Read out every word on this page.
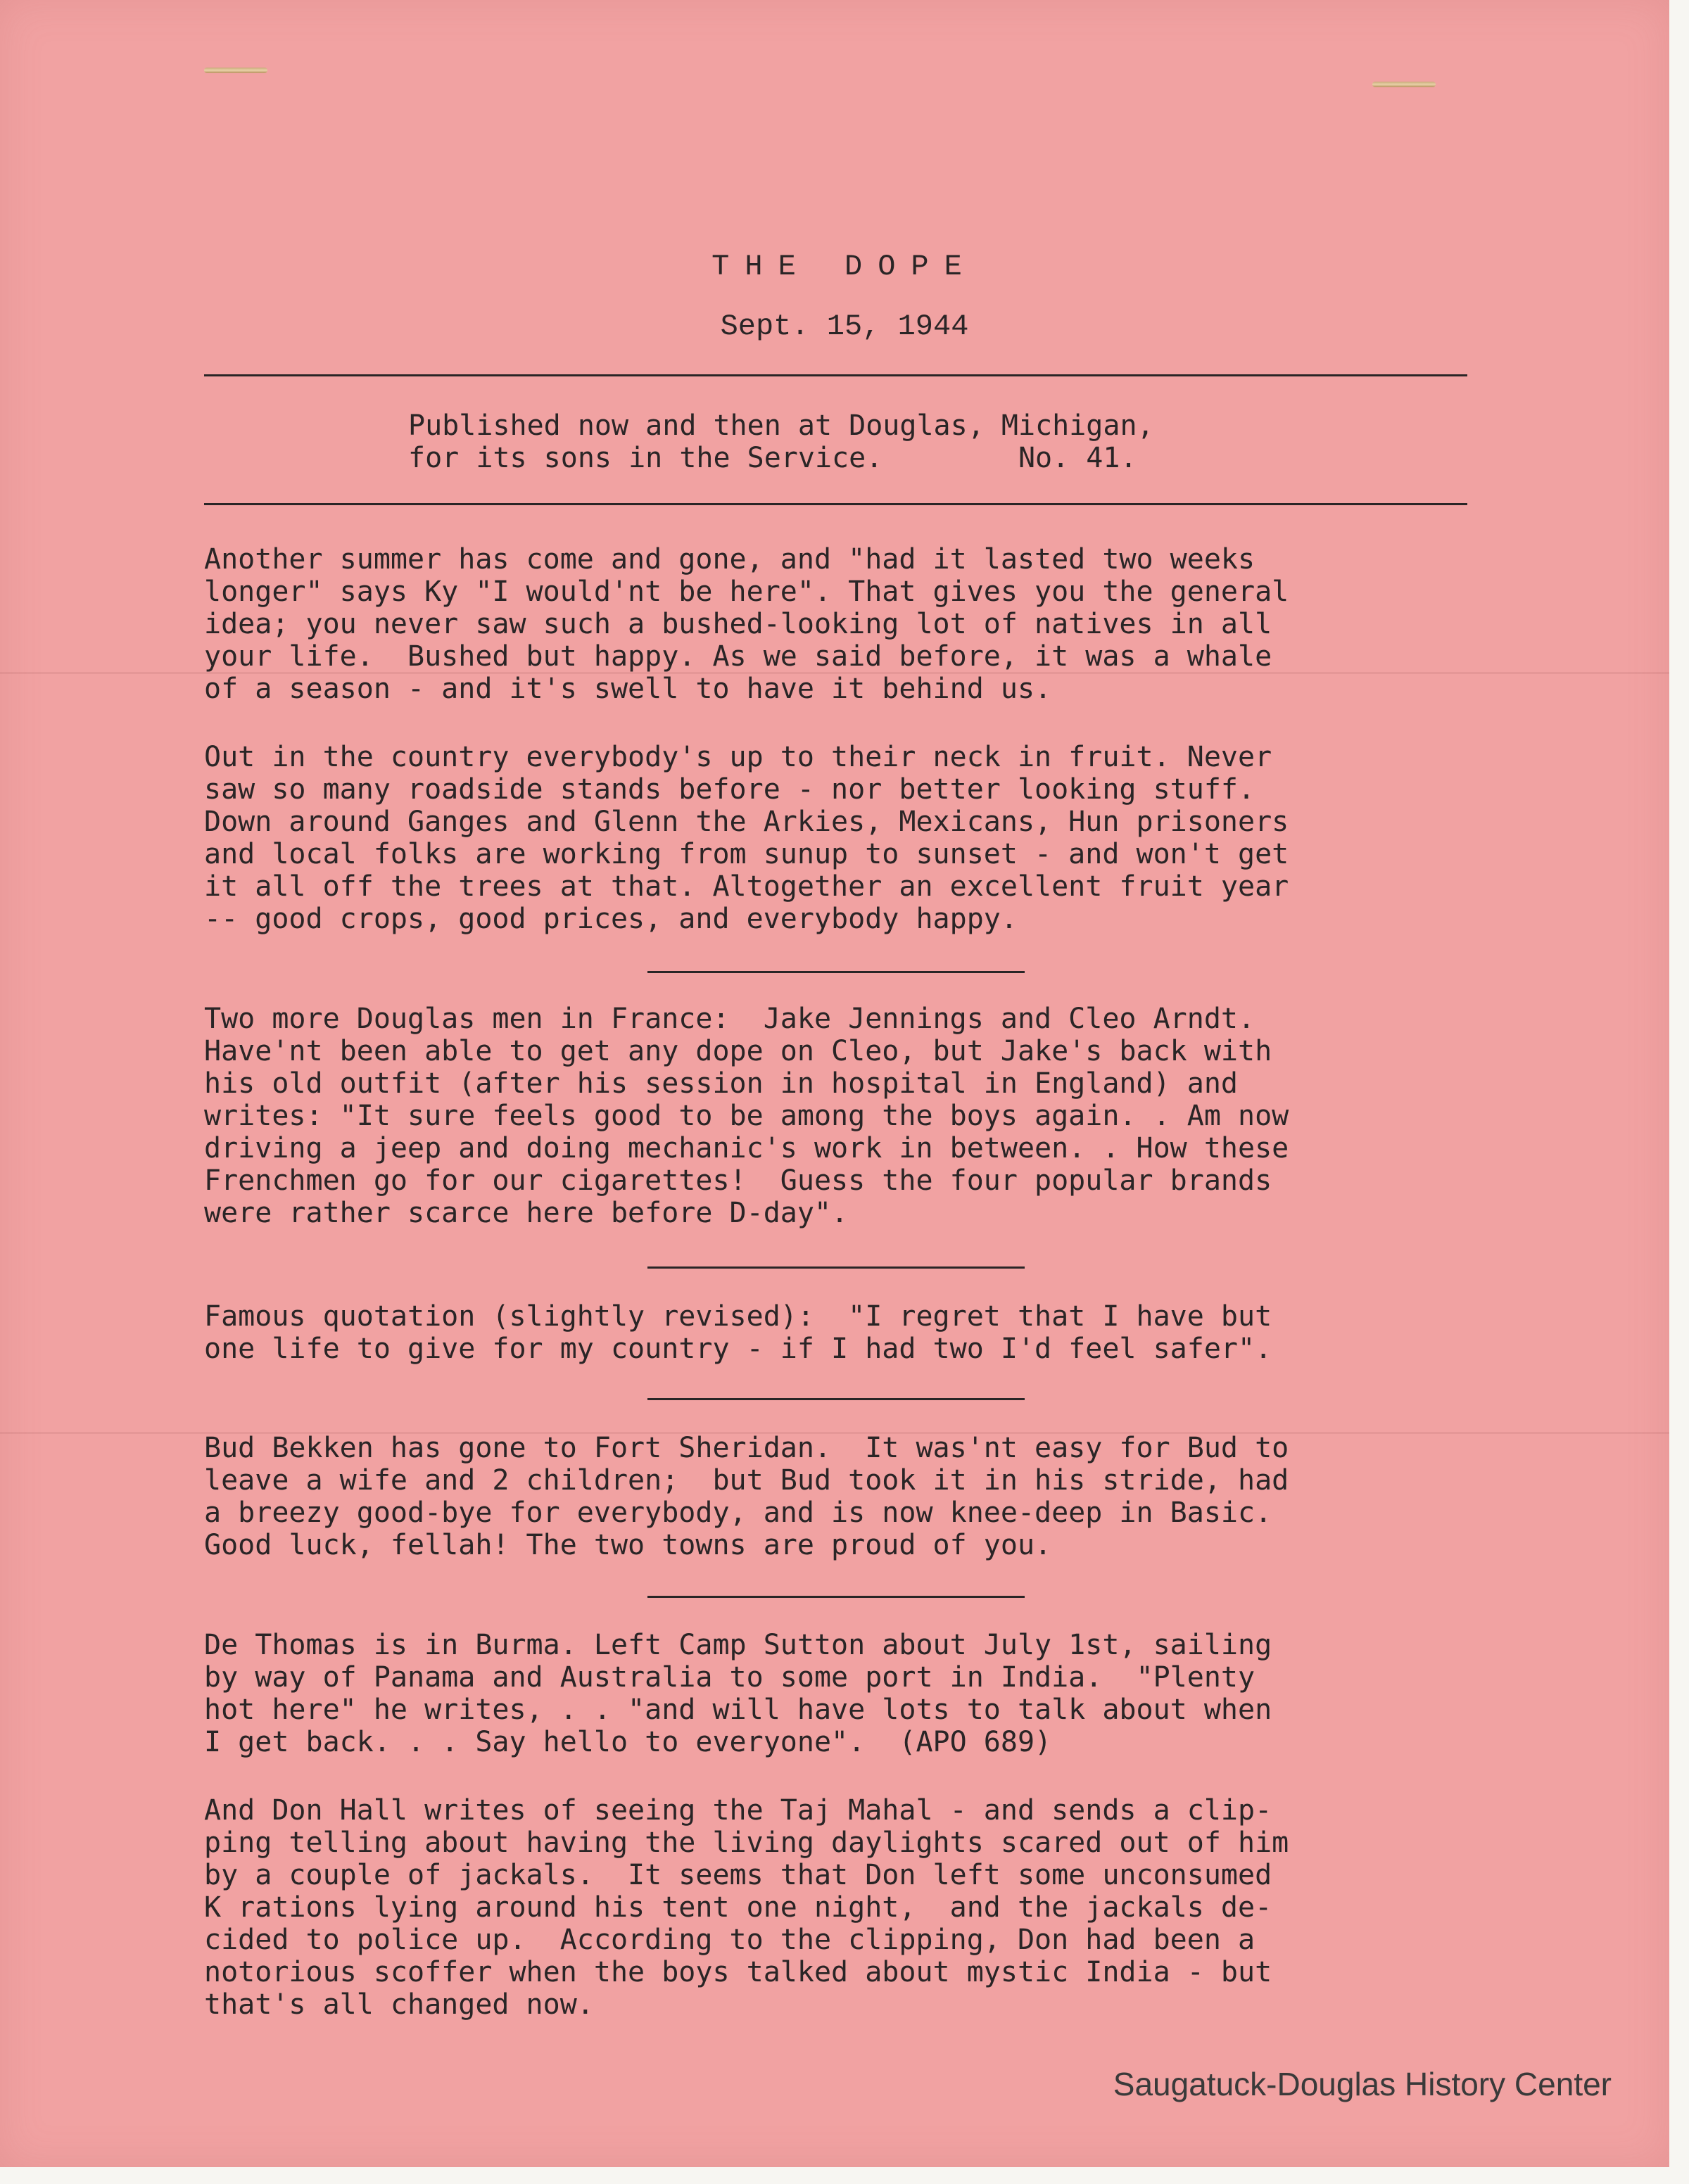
THE DOPE
Sept. 15, 1944
Published now and then at Douglas, Michigan,
for its sons in the Service.        No. 41.
Another summer has come and gone, and "had it lasted two weeks
longer" says Ky "I would'nt be here". That gives you the general
idea; you never saw such a bushed-looking lot of natives in all
your life.  Bushed but happy. As we said before, it was a whale
of a season - and it's swell to have it behind us.
Out in the country everybody's up to their neck in fruit. Never
saw so many roadside stands before - nor better looking stuff.
Down around Ganges and Glenn the Arkies, Mexicans, Hun prisoners
and local folks are working from sunup to sunset - and won't get
it all off the trees at that. Altogether an excellent fruit year
-- good crops, good prices, and everybody happy.
Two more Douglas men in France:  Jake Jennings and Cleo Arndt.
Have'nt been able to get any dope on Cleo, but Jake's back with
his old outfit (after his session in hospital in England) and
writes: "It sure feels good to be among the boys again. . Am now
driving a jeep and doing mechanic's work in between. . How these
Frenchmen go for our cigarettes!  Guess the four popular brands
were rather scarce here before D-day".
Famous quotation (slightly revised):  "I regret that I have but
one life to give for my country - if I had two I'd feel safer".
Bud Bekken has gone to Fort Sheridan.  It was'nt easy for Bud to
leave a wife and 2 children;  but Bud took it in his stride, had
a breezy good-bye for everybody, and is now knee-deep in Basic.
Good luck, fellah! The two towns are proud of you.
De Thomas is in Burma. Left Camp Sutton about July 1st, sailing
by way of Panama and Australia to some port in India.  "Plenty
hot here" he writes, . . "and will have lots to talk about when
I get back. . . Say hello to everyone".  (APO 689)
And Don Hall writes of seeing the Taj Mahal - and sends a clip-
ping telling about having the living daylights scared out of him
by a couple of jackals.  It seems that Don left some unconsumed
K rations lying around his tent one night,  and the jackals de-
cided to police up.  According to the clipping, Don had been a
notorious scoffer when the boys talked about mystic India - but
that's all changed now.
Saugatuck-Douglas History Center
